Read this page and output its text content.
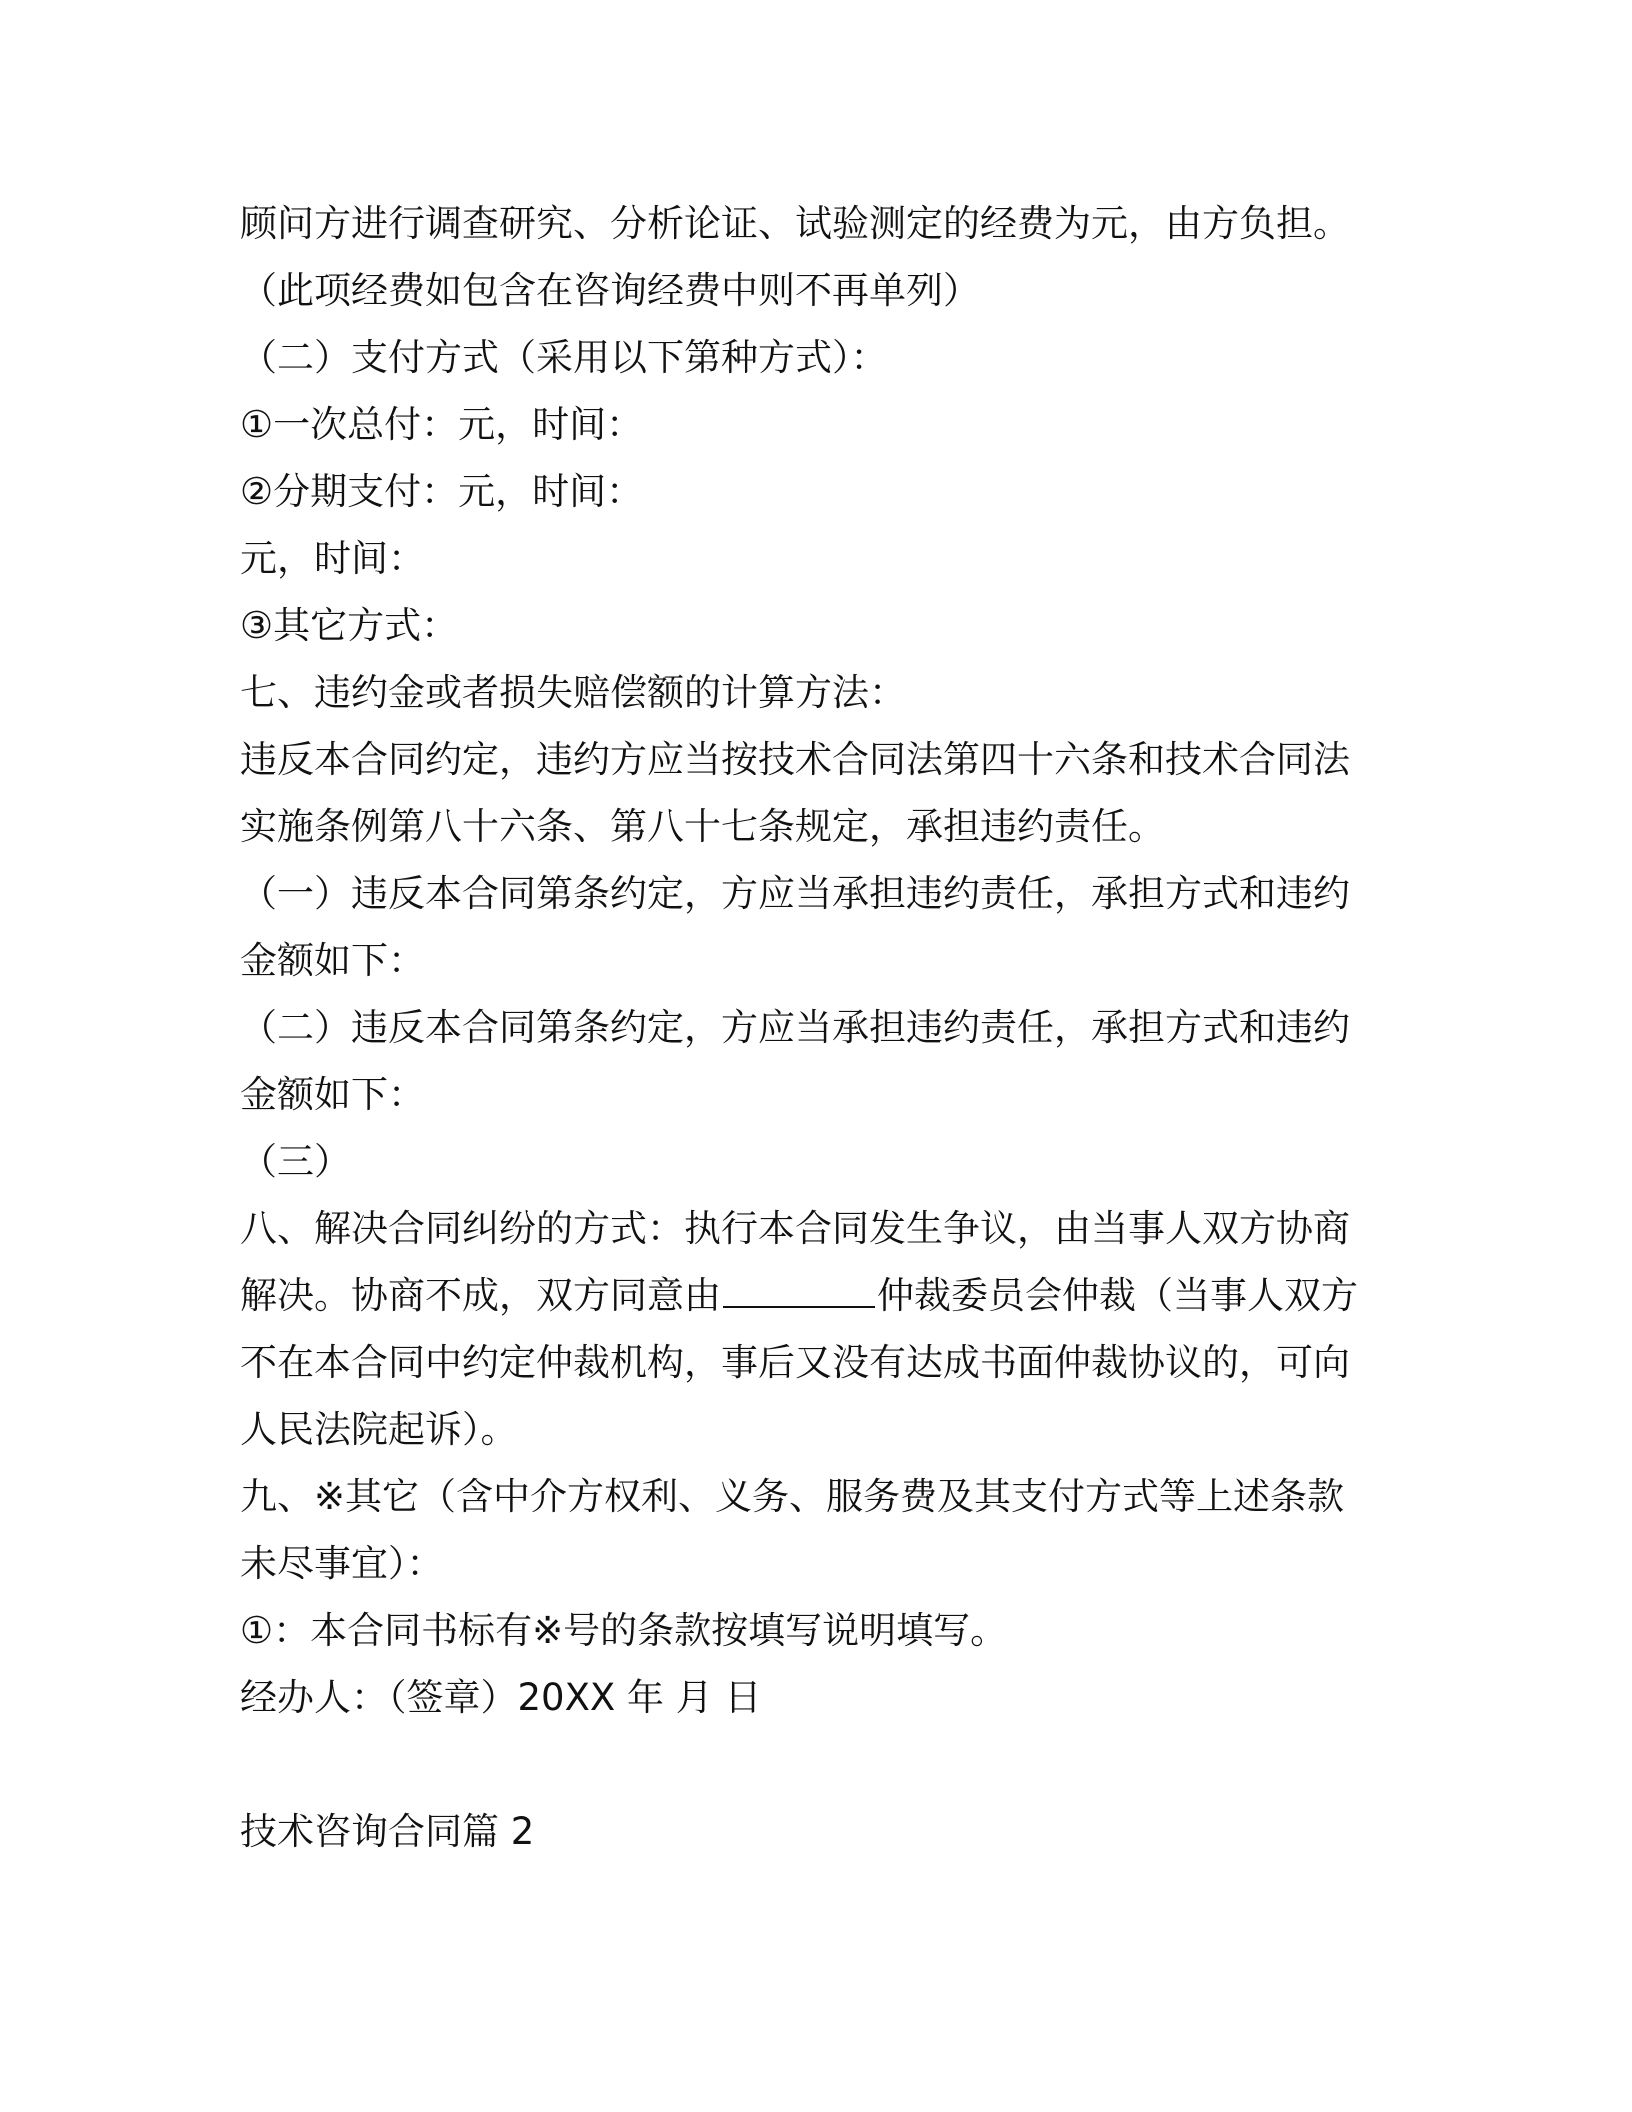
顾问方进行调查研究、分析论证、试验测定的经费为元，由方负担。
（此项经费如包含在咨询经费中则不再单列）
（二）支付方式（采用以下第种方式）：
①一次总付：元，时间：
②分期支付：元，时间：
元，时间：
③其它方式：
七、违约金或者损失赔偿额的计算方法：
违反本合同约定，违约方应当按技术合同法第四十六条和技术合同法
实施条例第八十六条、第八十七条规定，承担违约责任。
（一）违反本合同第条约定，方应当承担违约责任，承担方式和违约
金额如下：
（二）违反本合同第条约定，方应当承担违约责任，承担方式和违约
金额如下：
（三）
八、解决合同纠纷的方式：执行本合同发生争议，由当事人双方协商
解决。协商不成，双方同意由	仲裁委员会仲裁（当事人双方
不在本合同中约定仲裁机构，事后又没有达成书面仲裁协议的，可向
人民法院起诉）。
九、※其它（含中介方权利、义务、服务费及其支付方式等上述条款
未尽事宜）：
①：本合同书标有※号的条款按填写说明填写。
经办人：（签章）20XX 年 月 日
技术咨询合同篇 2
